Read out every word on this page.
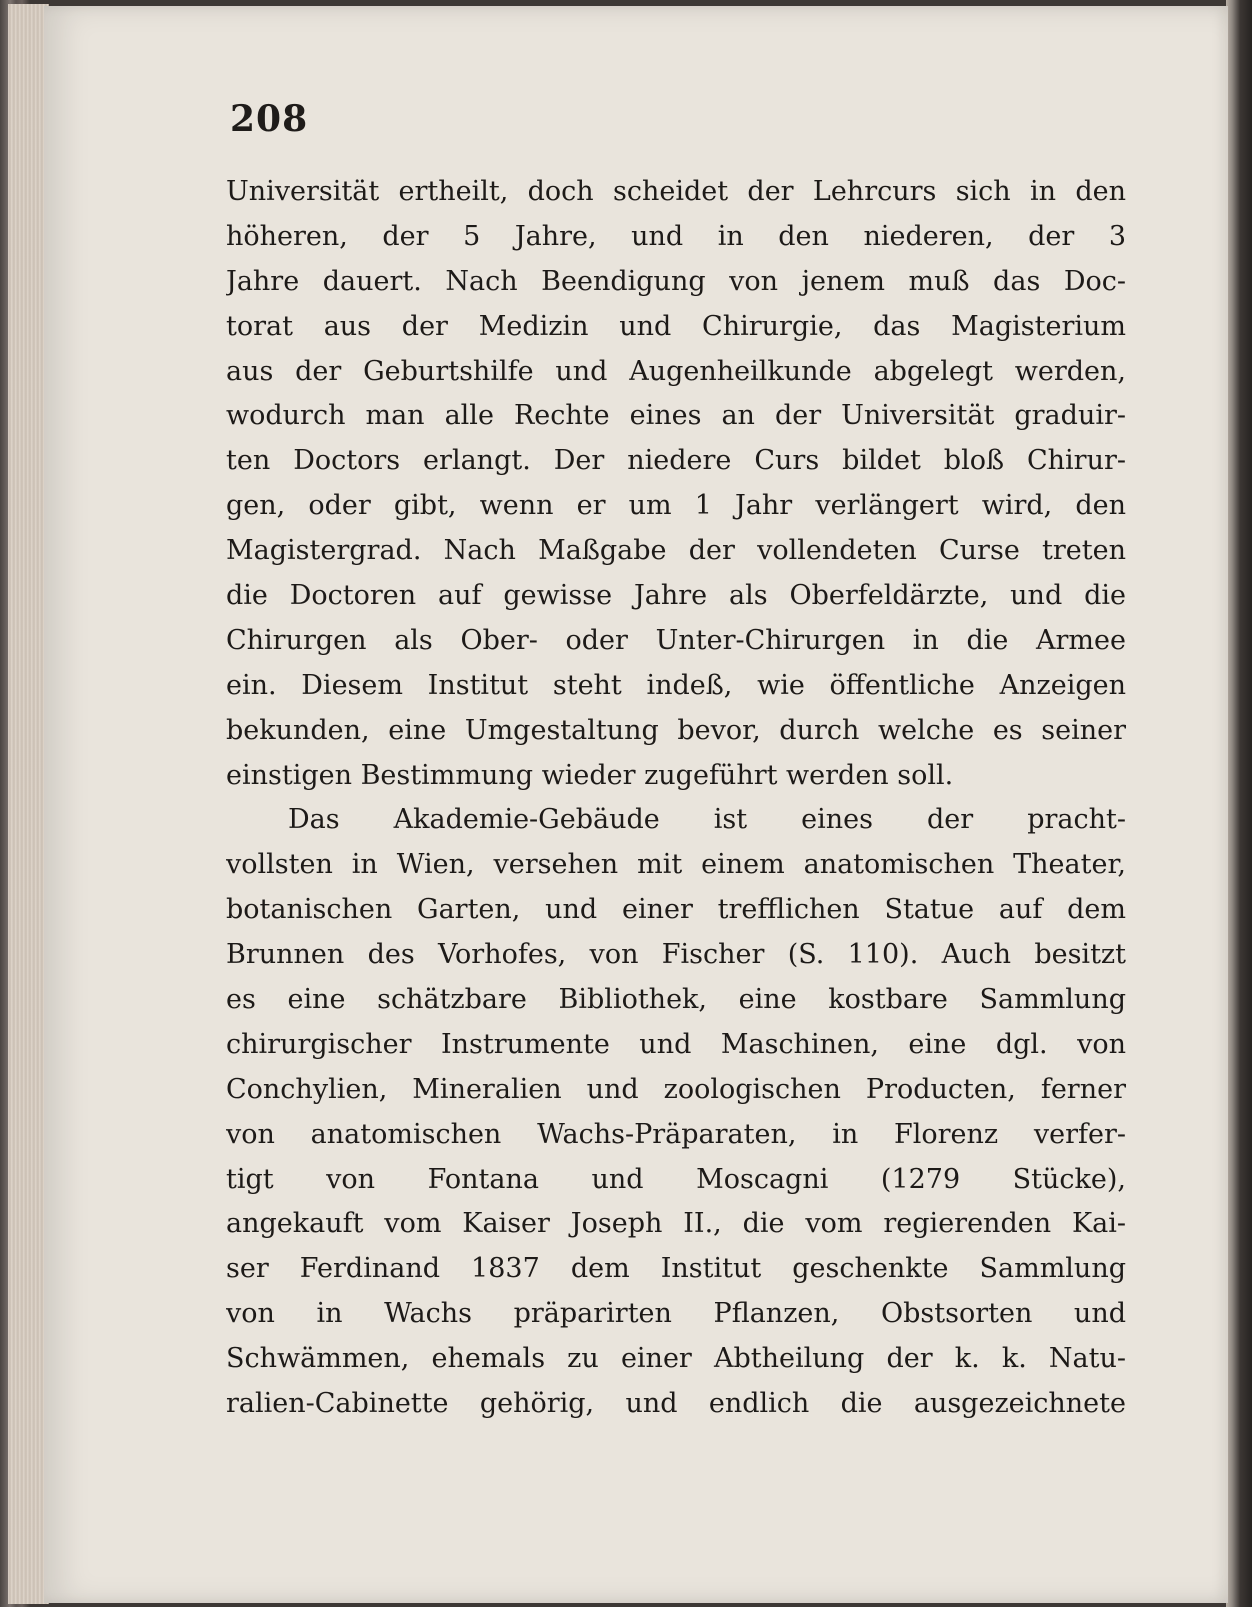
208
Universität ertheilt, doch scheidet der Lehrcurs sich in den
höheren, der 5 Jahre, und in den niederen, der 3
Jahre dauert. Nach Beendigung von jenem muß das Doc-
torat aus der Medizin und Chirurgie, das Magisterium
aus der Geburtshilfe und Augenheilkunde abgelegt werden,
wodurch man alle Rechte eines an der Universität graduir-
ten Doctors erlangt. Der niedere Curs bildet bloß Chirur-
gen, oder gibt, wenn er um 1 Jahr verlängert wird, den
Magistergrad. Nach Maßgabe der vollendeten Curse treten
die Doctoren auf gewisse Jahre als Oberfeldärzte, und die
Chirurgen als Ober- oder Unter-Chirurgen in die Armee
ein. Diesem Institut steht indeß, wie öffentliche Anzeigen
bekunden, eine Umgestaltung bevor, durch welche es seiner
einstigen Bestimmung wieder zugeführt werden soll.
Das Akademie-Gebäude ist eines der pracht-
vollsten in Wien, versehen mit einem anatomischen Theater,
botanischen Garten, und einer trefflichen Statue auf dem
Brunnen des Vorhofes, von Fischer (S. 110). Auch besitzt
es eine schätzbare Bibliothek, eine kostbare Sammlung
chirurgischer Instrumente und Maschinen, eine dgl. von
Conchylien, Mineralien und zoologischen Producten, ferner
von anatomischen Wachs-Präparaten, in Florenz verfer-
tigt von Fontana und Moscagni (1279 Stücke),
angekauft vom Kaiser Joseph II., die vom regierenden Kai-
ser Ferdinand 1837 dem Institut geschenkte Sammlung
von in Wachs präparirten Pflanzen, Obstsorten und
Schwämmen, ehemals zu einer Abtheilung der k. k. Natu-
ralien-Cabinette gehörig, und endlich die ausgezeichnete
